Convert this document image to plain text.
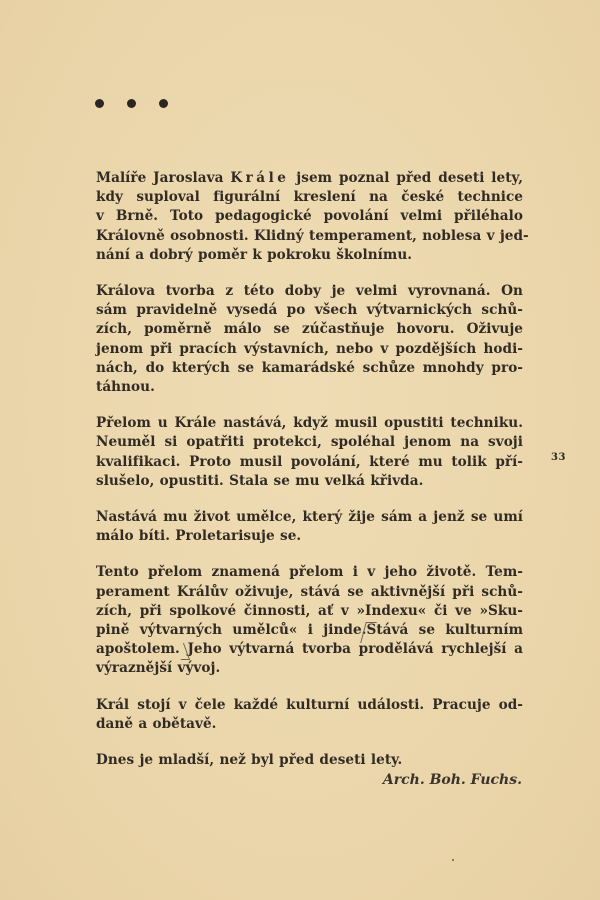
Malíře Jaroslava Krále jsem poznal před deseti lety,
kdy suploval figurální kreslení na české technice
v Brně. Toto pedagogické povolání velmi přiléhalo
Královně osobnosti. Klidný temperament, noblesa v jed-
nání a dobrý poměr k pokroku školnímu.

Králova tvorba z této doby je velmi vyrovnaná. On
sám pravidelně vysedá po všech výtvarnických schů-
zích, poměrně málo se zúčastňuje hovoru. Oživuje
jenom při pracích výstavních, nebo v pozdějších hodi-
nách, do kterých se kamarádské schůze mnohdy pro-
táhnou.

Přelom u Krále nastává, když musil opustiti techniku.
Neuměl si opatřiti protekci, spoléhal jenom na svoji
kvalifikaci. Proto musil povolání, které mu tolik pří-
slušelo, opustiti. Stala se mu velká křivda.

Nastává mu život umělce, který žije sám a jenž se umí
málo bíti. Proletarisuje se.

Tento přelom znamená přelom i v jeho životě. Tem-
perament Králův oživuje, stává se aktivnější při schů-
zích, při spolkové činnosti, ať v »Indexu« či ve »Sku-
pině výtvarných umělců« i jinde.Stává se kulturním
apoštolem. Jeho výtvarná tvorba prodělává rychlejší a
výraznější vývoj.

Král stojí v čele každé kulturní události. Pracuje od-
daně a obětavě.

Dnes je mladší, než byl před deseti lety.

33
Arch. Boh. Fuchs.
